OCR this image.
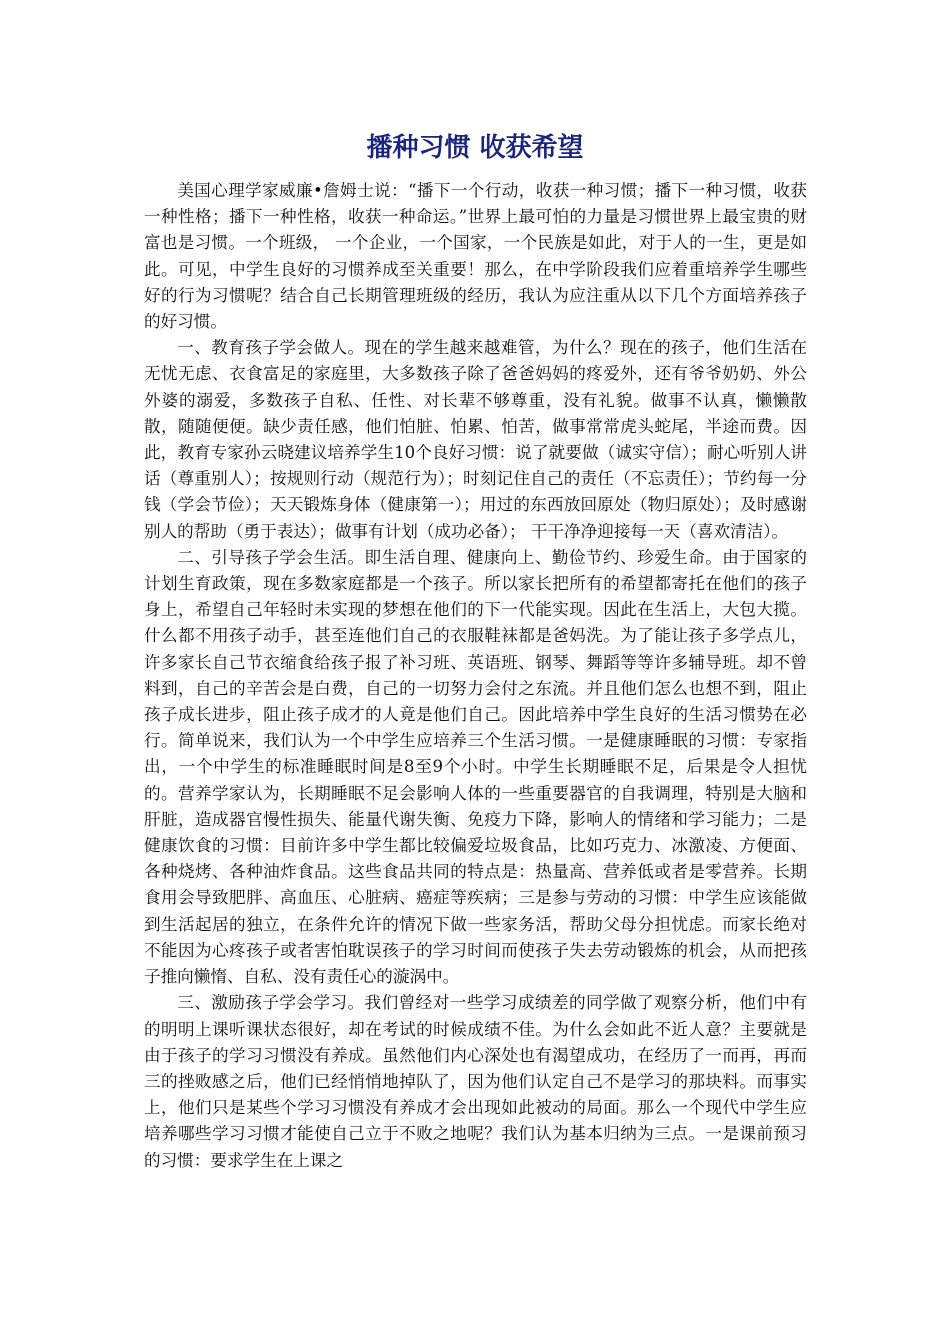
播种习惯 收获希望

美国心理学家威廉•詹姆士说：“播下一个行动，收获一种习惯；播下一种习惯，收获一种性格；播下一种性格，收获一种命运。”世界上最可怕的力量是习惯世界上最宝贵的财富也是习惯。一个班级， 一个企业，一个国家，一个民族是如此，对于人的一生，更是如此。可见，中学生良好的习惯养成至关重要！那么，在中学阶段我们应着重培养学生哪些好的行为习惯呢？结合自己长期管理班级的经历，我认为应注重从以下几个方面培养孩子的好习惯。

一、教育孩子学会做人。现在的学生越来越难管，为什么？现在的孩子，他们生活在无忧无虑、衣食富足的家庭里，大多数孩子除了爸爸妈妈的疼爱外，还有爷爷奶奶、外公外婆的溺爱，多数孩子自私、任性、对长辈不够尊重，没有礼貌。做事不认真，懒懒散散，随随便便。缺少责任感，他们怕脏、怕累、怕苦，做事常常虎头蛇尾，半途而费。因此，教育专家孙云晓建议培养学生10个良好习惯：说了就要做（诚实守信）；耐心听别人讲话（尊重别人）；按规则行动（规范行为）；时刻记住自己的责任（不忘责任）；节约每一分钱（学会节俭）；天天锻炼身体（健康第一）；用过的东西放回原处（物归原处）；及时感谢别人的帮助（勇于表达）；做事有计划（成功必备）； 干干净净迎接每一天（喜欢清洁）。

二、引导孩子学会生活。即生活自理、健康向上、勤俭节约、珍爱生命。由于国家的计划生育政策，现在多数家庭都是一个孩子。所以家长把所有的希望都寄托在他们的孩子身上，希望自己年轻时未实现的梦想在他们的下一代能实现。因此在生活上，大包大揽。什么都不用孩子动手，甚至连他们自己的衣服鞋袜都是爸妈洗。为了能让孩子多学点儿，许多家长自己节衣缩食给孩子报了补习班、英语班、钢琴、舞蹈等等许多辅导班。却不曾料到，自己的辛苦会是白费，自己的一切努力会付之东流。并且他们怎么也想不到，阻止孩子成长进步，阻止孩子成才的人竟是他们自己。因此培养中学生良好的生活习惯势在必行。简单说来，我们认为一个中学生应培养三个生活习惯。一是健康睡眠的习惯：专家指出，一个中学生的标准睡眠时间是8至9个小时。中学生长期睡眠不足，后果是令人担忧的。营养学家认为，长期睡眠不足会影响人体的一些重要器官的自我调理，特别是大脑和肝脏，造成器官慢性损失、能量代谢失衡、免疫力下降，影响人的情绪和学习能力；二是健康饮食的习惯：目前许多中学生都比较偏爱垃圾食品，比如巧克力、冰激凌、方便面、各种烧烤、各种油炸食品。这些食品共同的特点是：热量高、营养低或者是零营养。长期食用会导致肥胖、高血压、心脏病、癌症等疾病；三是参与劳动的习惯：中学生应该能做到生活起居的独立，在条件允许的情况下做一些家务活，帮助父母分担忧虑。而家长绝对不能因为心疼孩子或者害怕耽误孩子的学习时间而使孩子失去劳动锻炼的机会，从而把孩子推向懒惰、自私、没有责任心的漩涡中。

三、激励孩子学会学习。我们曾经对一些学习成绩差的同学做了观察分析，他们中有的明明上课听课状态很好，却在考试的时候成绩不佳。为什么会如此不近人意？主要就是由于孩子的学习习惯没有养成。虽然他们内心深处也有渴望成功，在经历了一而再，再而三的挫败感之后，他们已经悄悄地掉队了，因为他们认定自己不是学习的那块料。而事实上，他们只是某些个学习习惯没有养成才会出现如此被动的局面。那么一个现代中学生应培养哪些学习习惯才能使自己立于不败之地呢？我们认为基本归纳为三点。一是课前预习的习惯：要求学生在上课之
